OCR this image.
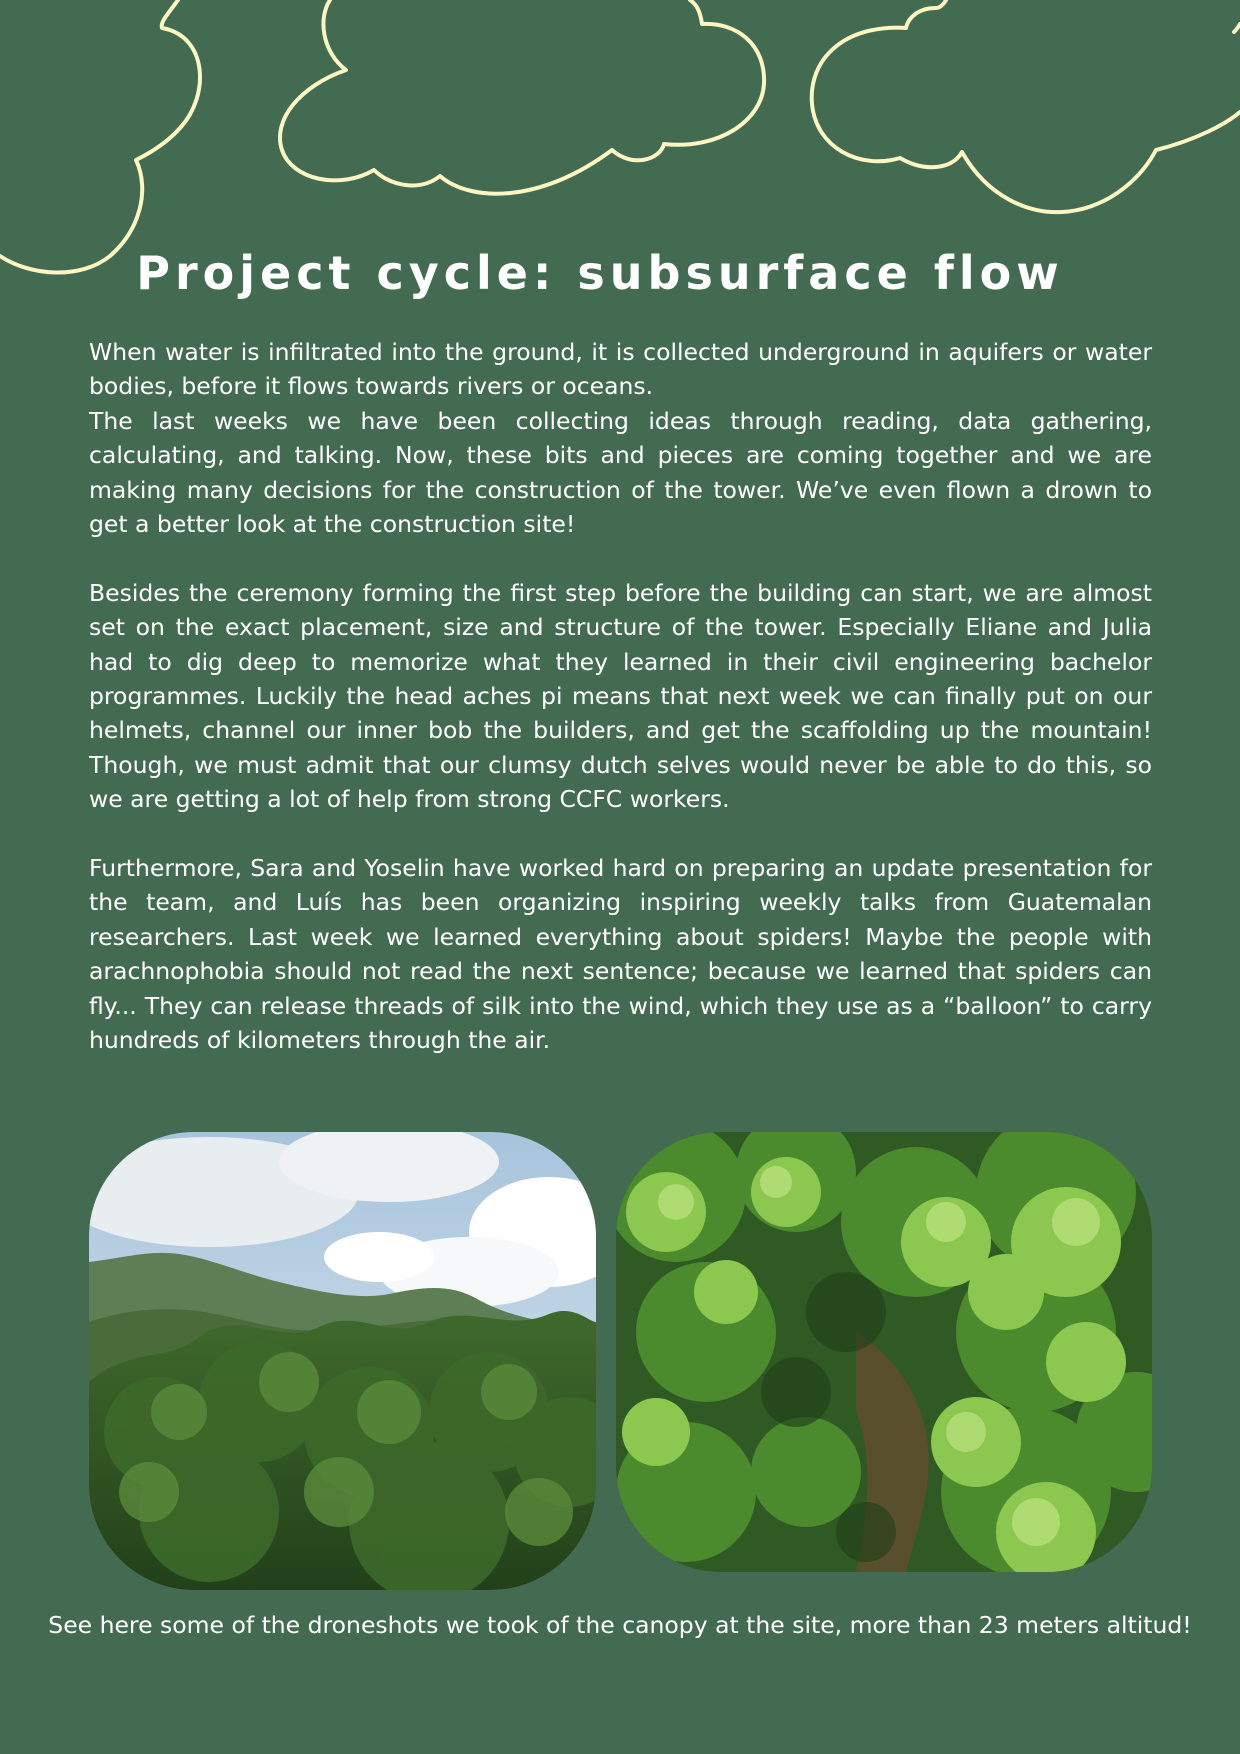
Project cycle: subsurface flow

When water is infiltrated into the ground, it is collected underground in aquifers or water bodies, before it flows towards rivers or oceans.

The last weeks we have been collecting ideas through reading, data gathering, calculating, and talking. Now, these bits and pieces are coming together and we are making many decisions for the construction of the tower. We’ve even flown a drown to get a better look at the construction site!

Besides the ceremony forming the first step before the building can start, we are almost set on the exact placement, size and structure of the tower. Especially Eliane and Julia had to dig deep to memorize what they learned in their civil engineering bachelor programmes. Luckily the head aches pi means that next week we can finally put on our helmets, channel our inner bob the builders, and get the scaffolding up the mountain! Though, we must admit that our clumsy dutch selves would never be able to do this, so we are getting a lot of help from strong CCFC workers.

Furthermore, Sara and Yoselin have worked hard on preparing an update presentation for the team, and Luís has been organizing inspiring weekly talks from Guatemalan researchers. Last week we learned everything about spiders! Maybe the people with arachnophobia should not read the next sentence; because we learned that spiders can fly... They can release threads of silk into the wind, which they use as a “balloon” to carry hundreds of kilometers through the air.

See here some of the droneshots we took of the canopy at the site, more than 23 meters altitud!
